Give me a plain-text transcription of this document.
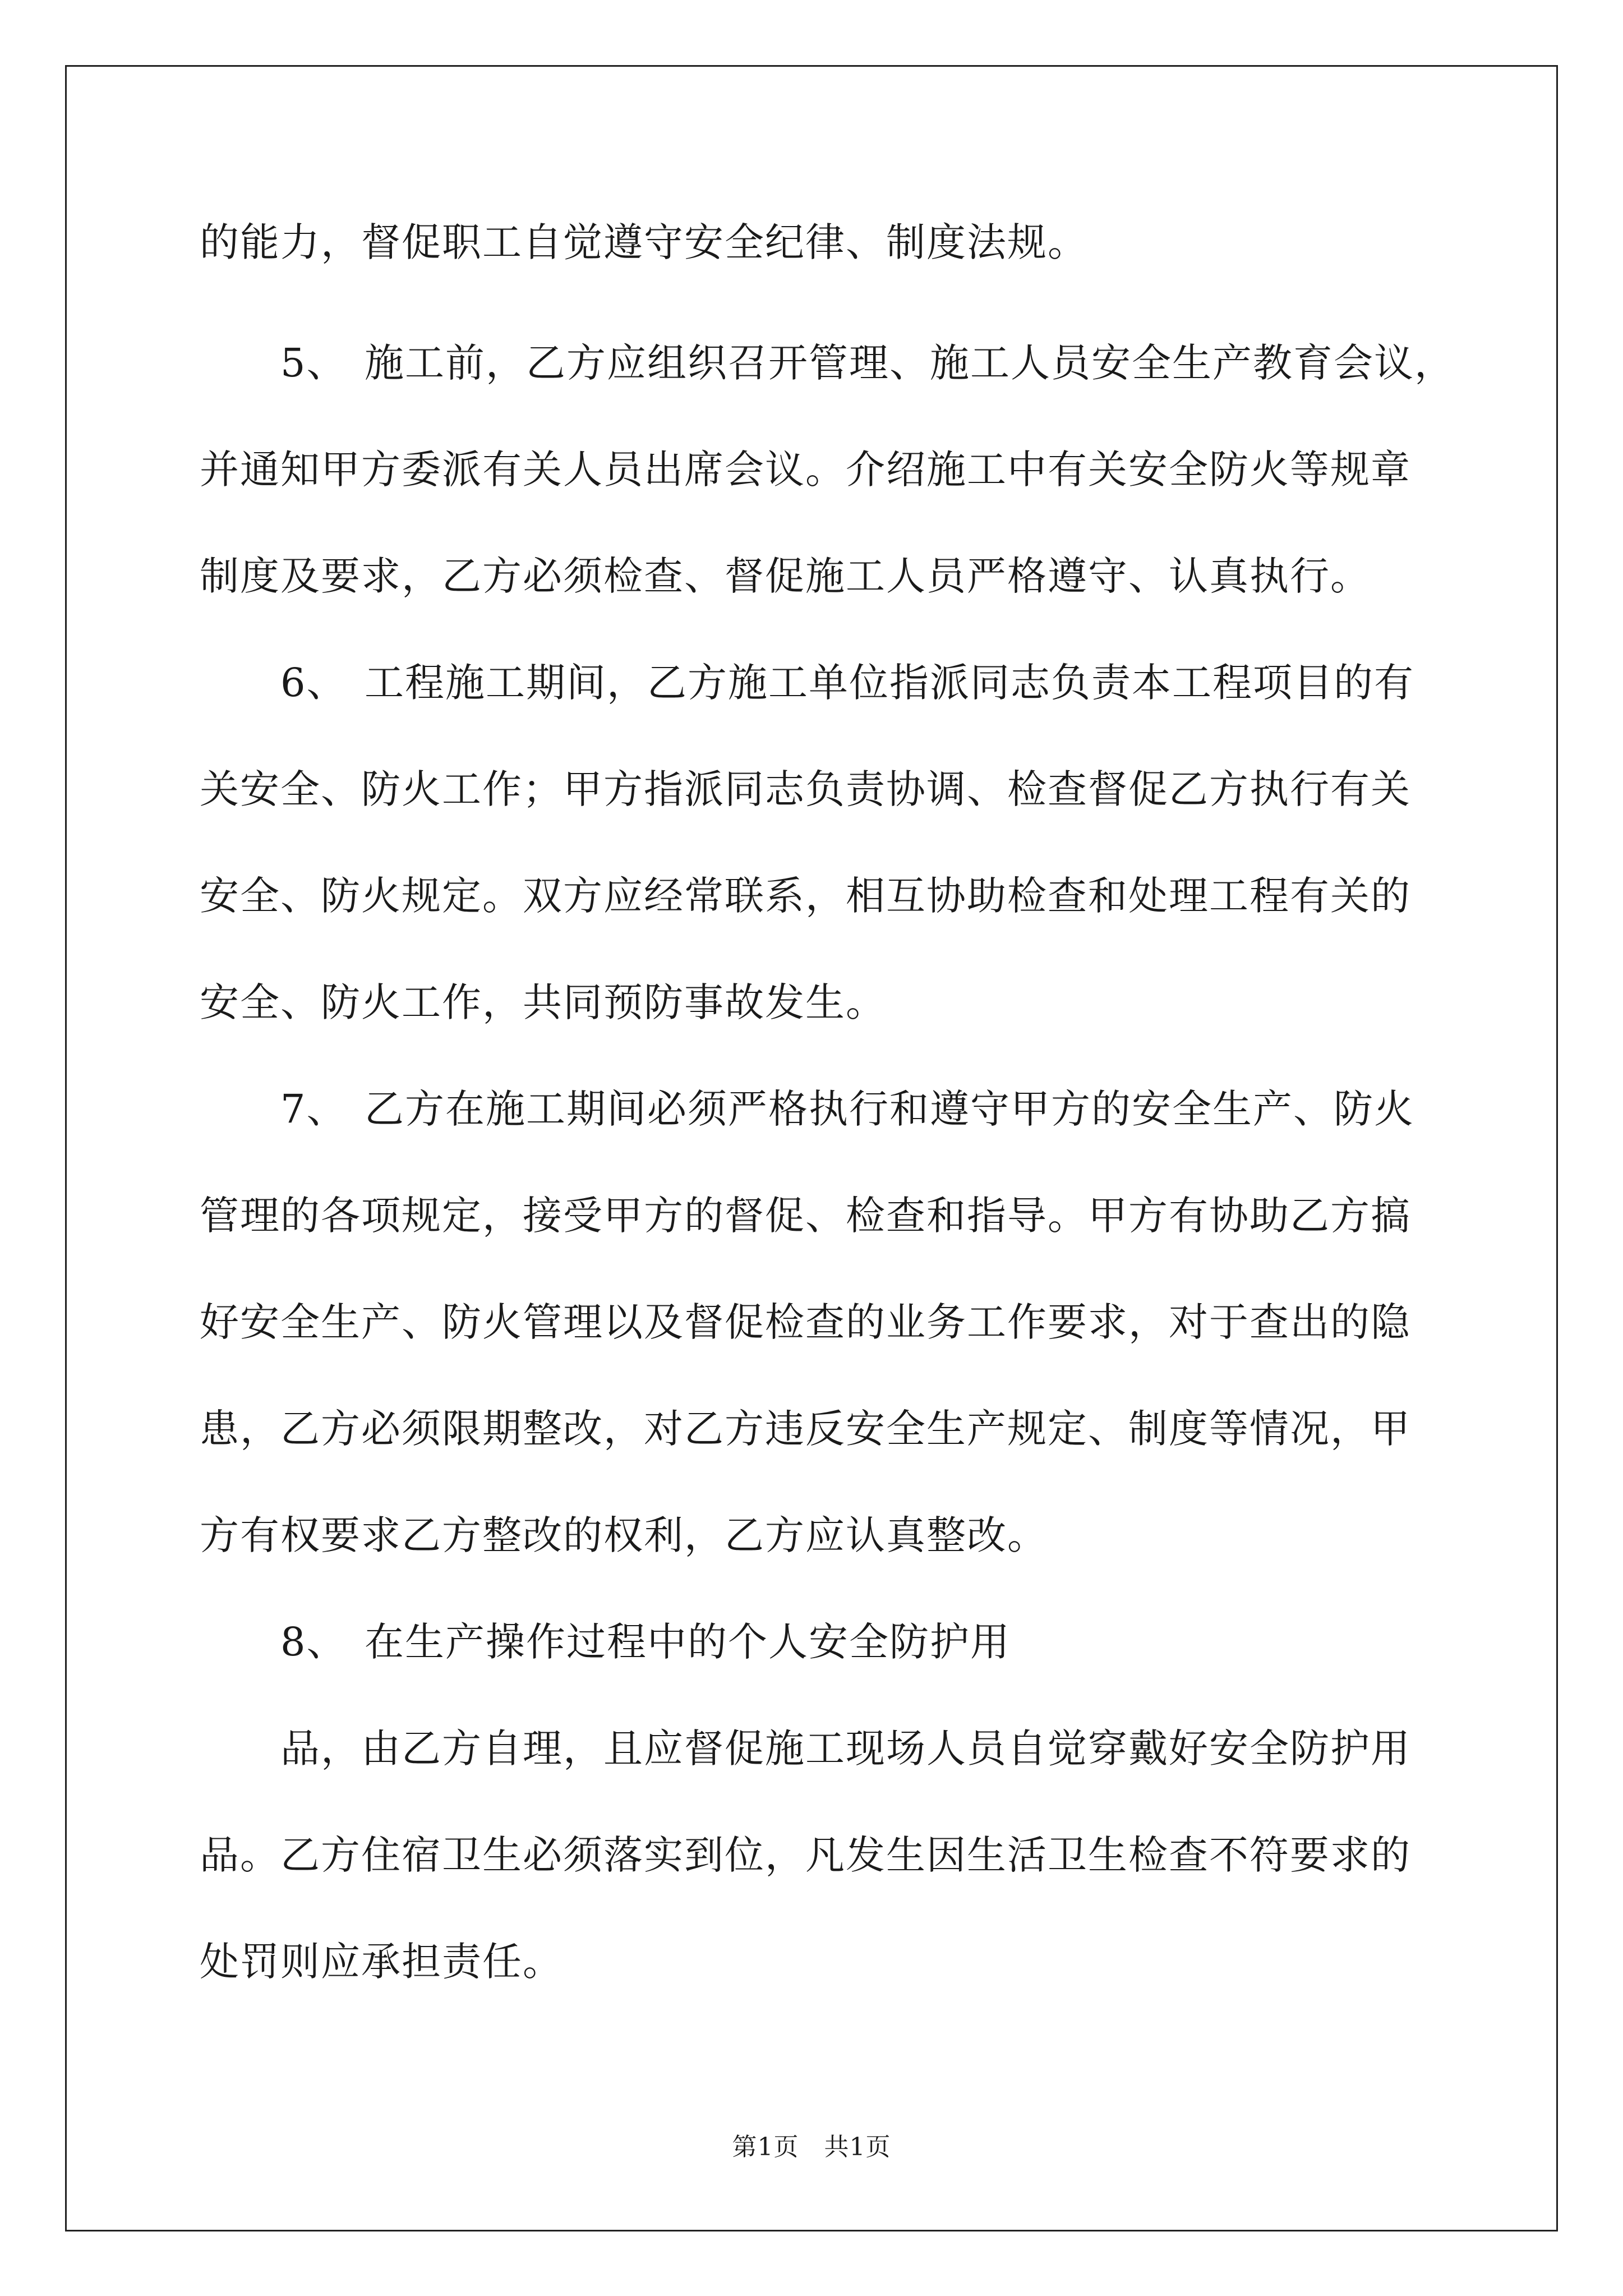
的能力，督促职工自觉遵守安全纪律、制度法规。
5、 施工前，乙方应组织召开管理、施工人员安全生产教育会议，
并通知甲方委派有关人员出席会议。介绍施工中有关安全防火等规章
制度及要求，乙方必须检查、督促施工人员严格遵守、认真执行。
6、 工程施工期间，乙方施工单位指派同志负责本工程项目的有
关安全、防火工作；甲方指派同志负责协调、检查督促乙方执行有关
安全、防火规定。双方应经常联系，相互协助检查和处理工程有关的
安全、防火工作，共同预防事故发生。
7、 乙方在施工期间必须严格执行和遵守甲方的安全生产、防火
管理的各项规定，接受甲方的督促、检查和指导。甲方有协助乙方搞
好安全生产、防火管理以及督促检查的业务工作要求，对于查出的隐
患，乙方必须限期整改，对乙方违反安全生产规定、制度等情况，甲
方有权要求乙方整改的权利，乙方应认真整改。
8、 在生产操作过程中的个人安全防护用
品，由乙方自理，且应督促施工现场人员自觉穿戴好安全防护用
品。乙方住宿卫生必须落实到位，凡发生因生活卫生检查不符要求的
处罚则应承担责任。
第1页　共1页
